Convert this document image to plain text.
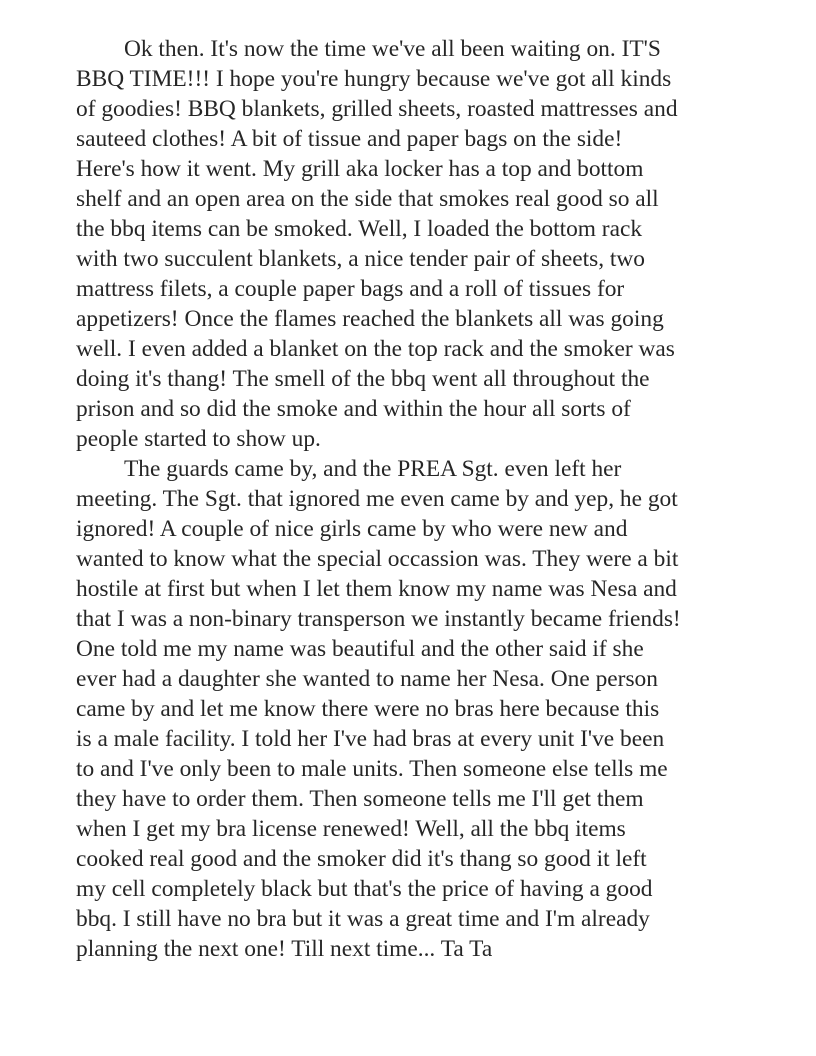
Ok then. It's now the time we've all been waiting on. IT'S
BBQ TIME!!! I hope you're hungry because we've got all kinds
of goodies! BBQ blankets, grilled sheets, roasted mattresses and
sauteed clothes! A bit of tissue and paper bags on the side!
Here's how it went. My grill aka locker has a top and bottom
shelf and an open area on the side that smokes real good so all
the bbq items can be smoked. Well, I loaded the bottom rack
with two succulent blankets, a nice tender pair of sheets, two
mattress filets, a couple paper bags and a roll of tissues for
appetizers! Once the flames reached the blankets all was going
well. I even added a blanket on the top rack and the smoker was
doing it's thang! The smell of the bbq went all throughout the
prison and so did the smoke and within the hour all sorts of
people started to show up.
The guards came by, and the PREA Sgt. even left her
meeting. The Sgt. that ignored me even came by and yep, he got
ignored! A couple of nice girls came by who were new and
wanted to know what the special occassion was. They were a bit
hostile at first but when I let them know my name was Nesa and
that I was a non-binary transperson we instantly became friends!
One told me my name was beautiful and the other said if she
ever had a daughter she wanted to name her Nesa. One person
came by and let me know there were no bras here because this
is a male facility. I told her I've had bras at every unit I've been
to and I've only been to male units. Then someone else tells me
they have to order them. Then someone tells me I'll get them
when I get my bra license renewed! Well, all the bbq items
cooked real good and the smoker did it's thang so good it left
my cell completely black but that's the price of having a good
bbq. I still have no bra but it was a great time and I'm already
planning the next one! Till next time... Ta Ta
